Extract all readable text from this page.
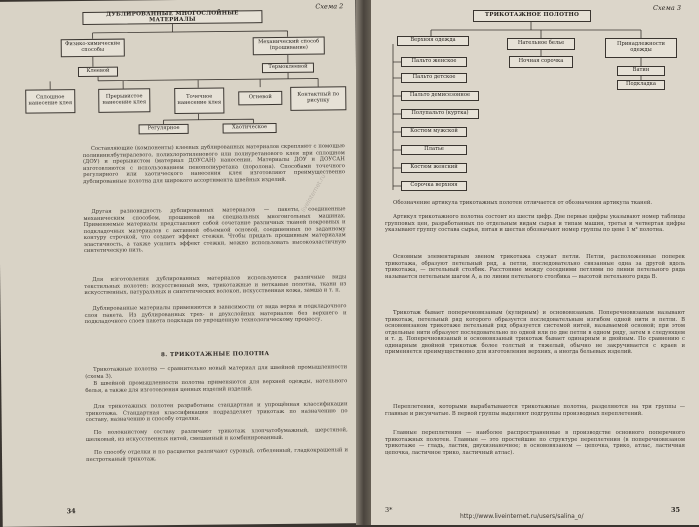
Схема 2
ДУБЛИРОВАННЫЕ МНОГОСЛОЙНЫЕ МАТЕРИАЛЫ
Физико-химические способы
Механический способ (прошивание)
Клеевой
Термоклеевой
Сплошное нанесение клея
Прерывистое нанесение клея
Точечное нанесение клея
Огневой	Контактный по рисунку
Регулярное	Хаотическое
Составляющие (компоненты) клеевых дублированных материалов скрепляют с помощью поливинилбутиралевого, полихлорэтиленового или полиуретанового клея при сплошном (ДОУ) и прерывистом (материал ДОУСАН) нанесении. Материалы ДОУ и ДОУСАН изготовляются с использованием пенополиуретана (поролона). Способами точечного регулярного или хаотического нанесения клея изготовляют преимущественно дублированные полотна для широкого ассортимента швейных изделий.
Другая разновидность дублированных материалов — пакеты, соединенные механическим способом, прошивкой на специальных многоигольных машинах. Применяемые материалы представляют собой сочетание различных тканей покровных и подкладочных материалов с активной объемной основой, соединенных по заданному контуру строчкой, что создает эффект стежки. Чтобы придать прошивным материалам эластичность, а также усилить эффект стежки, можно использовать высокоэластичную синтетическую нить.
Для изготовления дублированных материалов используются различные виды текстильных полотен: искусственный мех, трикотажные и нетканые полотна, ткани из искусственных, натуральных и синтетических волокон, искусственная кожа, замша и т. п.
Дублированные материалы применяются в зависимости от вида верха и подкладочного слоя пакета. Из дублированных трех- и двухслойных материалов без верхнего и подкладочного слоев пакета подклада по упрощенную технологическому процессу.
8. ТРИКОТАЖНЫЕ ПОЛОТНА
Трикотажные полотна — сравнительно новый материал для швейной промышленности (схема 3).
В швейной промышленности полотна применяются для верхней одежды, нательного белья, а также для изготовления ценных изделий изделий.
Для трикотажных полотен разработаны стандартная и упрощённая классификации трикотажа. Стандартная классификация подразделяет трикотаж по назначению по составу, назначению и способу отделки.
По волокнистому составу различают трикотаж хлопчатобумажный, шерстяной, шелковый, из искусственных нитей, смешанный и комбинированный.
По способу отделки и по расцветке различают суровый, отбеленный, гладкокрашеный и пестротканый трикотаж.
34
Схема 3
ТРИКОТАЖНОЕ ПОЛОТНО
Верхняя одежда
Пальто женское
Пальто детское
Пальто демисезонное
Полупальто (куртка)
Костюм мужской
Платье
Костюм женский
Сорочка верхняя
Нательное белье
Ночная сорочка
Принадлежности одежды
Ватин
Подкладка
Обозначение артикула трикотажных полотен отличается от обозначения артикула тканей.
Артикул трикотажного полотна состоит из шести цифр. Две первые цифры указывают номер таблицы групповых цен, разработанных по отдельным видам сырья и типам машин, третья и четвертая цифры указывают группу состава сырья, пятая и шестая обозначают номер группы по цене 1 м² полотна.
Основным элементарным звеном трикотажа служат петли. Петли, расположенные поперек трикотажа, образуют петельный ряд, а петли, последовательно связанные одна за другой вдоль трикотажа, — петельный столбик. Расстояние между соседними петлями по линии петельного ряда называется петельным шагом А, а по линии петельного столбика — высотой петельного ряда В.
Трикотаж бывает поперечновязаным (кулирным) и основовязаным. Поперечновязаным называют трикотаж, петельный ряд которого образуется последовательным изгибом одной нити в петли. В основовязаном трикотаже петельный ряд образуется системой нитей, называемой основой; при этом отдельные нити образуют последовательно по одной или по две петли в одном ряду, затем в следующем и т. д. Поперечновязаный и основовязаный трикотаж бывает одинарным и двойным. По сравнению с одинарным двойной трикотаж более толстый и тяжелый, обычно не закручивается с краев и применяется преимущественно для изготовления верхних, а иногда бельевых изделий.
Переплетения, которыми вырабатываются трикотажные полотна, разделяются на три группы — главные и рисунчатые. В первой группы выделяют подгруппы производных переплетений.
Главные переплетения — наиболее распространенные в производстве основного поперечного трикотажных полотен. Главные — это простейшие по структуре переплетения (в поперечновязаном трикотаже — гладь, ластик, двухизнаночное; в основовязаном — цепочка, трико, атлас, ластичная цепочка, ластичное трико, ластичный атлас).
3*	35
http://www.liveinternet.ru/users/salina_o/
liveinternet.ru
